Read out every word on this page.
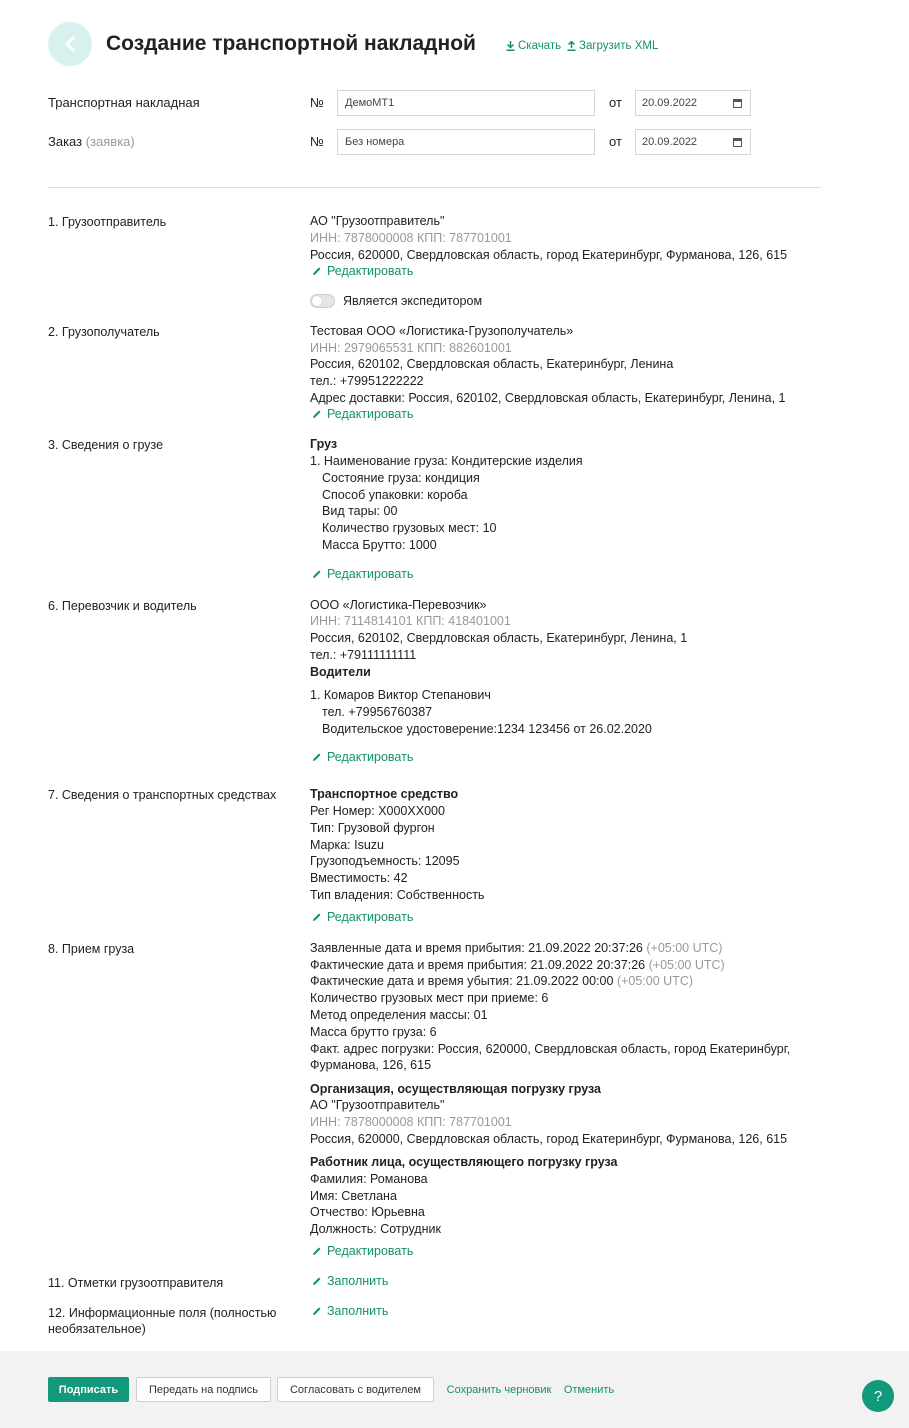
Создание транспортной накладной	Скачать Загрузить XML
Транспортная накладная	№	ДемоМТ1	от	20.09.2022
Заказ (заявка)	№	Без номера	от	20.09.2022
1. Грузоотправитель	АО "Грузоотправитель"
ИНН: 7878000008 КПП: 787701001
Россия, 620000, Свердловская область, город Екатеринбург, Фурманова, 126, 615
Редактировать
Является экспедитором
2. Грузополучатель	Тестовая ООО «Логистика-Грузополучатель»
ИНН: 2979065531 КПП: 882601001
Россия, 620102, Свердловская область, Екатеринбург, Ленина
тел.: +79951222222
Адрес доставки: Россия, 620102, Свердловская область, Екатеринбург, Ленина, 1
Редактировать
3. Сведения о грузе	Груз
1. Наименование груза: Кондитерские изделия
Состояние груза: кондиция
Способ упаковки: короба
Вид тары: 00
Количество грузовых мест: 10
Масса Брутто: 1000
Редактировать
6. Перевозчик и водитель	ООО «Логистика-Перевозчик»
ИНН: 7114814101 КПП: 418401001
Россия, 620102, Свердловская область, Екатеринбург, Ленина, 1
тел.: +79111111111
Водители
1. Комаров Виктор Степанович
тел. +79956760387
Водительское удостоверение:1234 123456 от 26.02.2020
Редактировать
7. Сведения о транспортных средствах	Транспортное средство
Рег Номер: Х000ХХ000
Тип: Грузовой фургон
Марка: Isuzu
Грузоподъемность: 12095
Вместимость: 42
Тип владения: Собственность
Редактировать
8. Прием груза	Заявленные дата и время прибытия: 21.09.2022 20:37:26 (+05:00 UTC)
Фактические дата и время прибытия: 21.09.2022 20:37:26 (+05:00 UTC)
Фактические дата и время убытия: 21.09.2022 00:00 (+05:00 UTC)
Количество грузовых мест при приеме: 6
Метод определения массы: 01
Масса брутто груза: 6
Факт. адрес погрузки: Россия, 620000, Свердловская область, город Екатеринбург,
Фурманова, 126, 615
Организация, осуществляющая погрузку груза
АО "Грузоотправитель"
ИНН: 7878000008 КПП: 787701001
Россия, 620000, Свердловская область, город Екатеринбург, Фурманова, 126, 615
Работник лица, осуществляющего погрузку груза
Фамилия: Романова
Имя: Светлана
Отчество: Юрьевна
Должность: Сотрудник
Редактировать
11. Отметки грузоотправителя	Заполнить
12. Информационные поля (полностью
необязательное)
Заполнить
Подписать	Передать на подпись	Согласовать с водителем	Сохранить черновик	Отменить	?
